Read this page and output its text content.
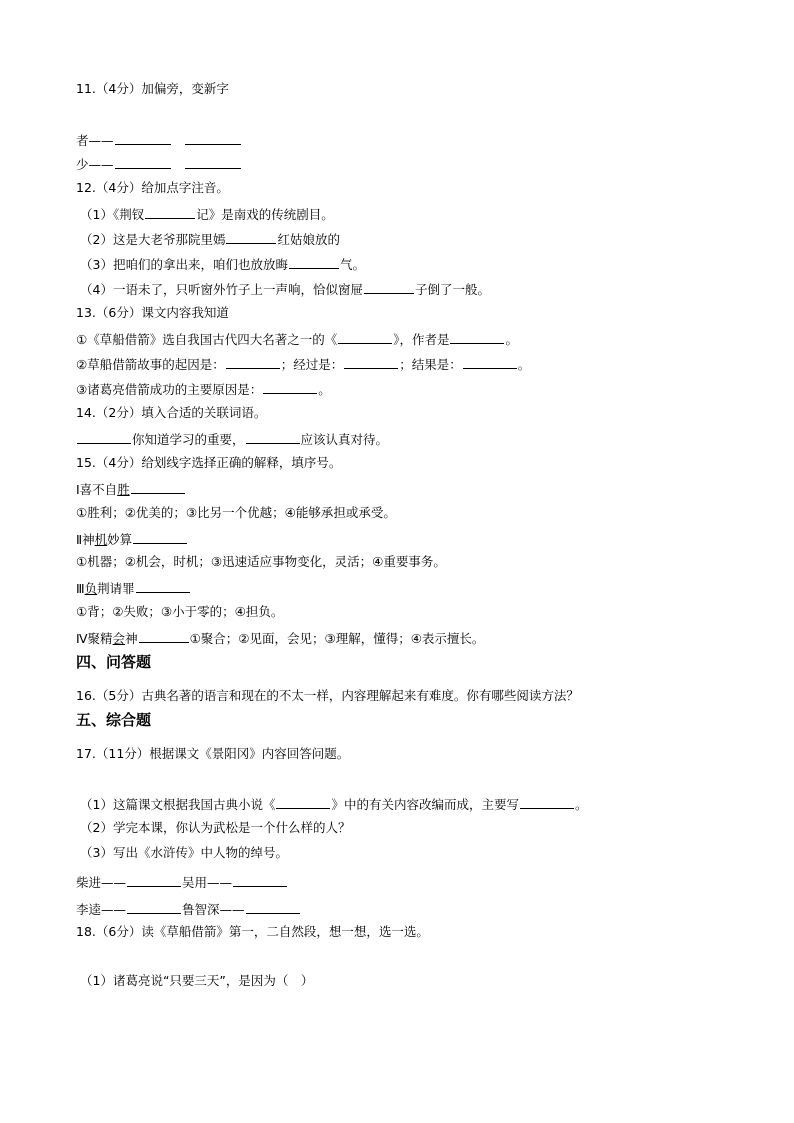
11.（4分）加偏旁，变新字
者——
少——
12.（4分）给加点字注音。
（1）《荆钗	记》是南戏的传统剧目。
（2）这是大老爷那院里嫣	红姑娘放的
（3）把咱们的拿出来，咱们也放放晦	气。
（4）一语未了，只听窗外竹子上一声响，恰似窗屉	子倒了一般。
13.（6分）课文内容我知道
①《草船借箭》选自我国古代四大名著之一的《	》，作者是	。
②草船借箭故事的起因是：	；经过是：	；结果是：	。
③诸葛亮借箭成功的主要原因是：	。
14.（2分）填入合适的关联词语。
你知道学习的重要，	应该认真对待。
15.（4分）给划线字选择正确的解释，填序号。
Ⅰ喜不自胜
①胜利；②优美的；③比另一个优越；④能够承担或承受。
Ⅱ神机妙算
①机器；②机会，时机；③迅速适应事物变化，灵活；④重要事务。
Ⅲ负荆请罪
①背；②失败；③小于零的；④担负。
Ⅳ聚精会神	①聚合；②见面，会见；③理解，懂得；④表示擅长。
四、问答题
16.（5分）古典名著的语言和现在的不太一样，内容理解起来有难度。你有哪些阅读方法？
五、综合题
17.（11分）根据课文《景阳冈》内容回答问题。
（1）这篇课文根据我国古典小说《	》中的有关内容改编而成，主要写	。
（2）学完本课，你认为武松是一个什么样的人？
（3）写出《水浒传》中人物的绰号。
柴进——	吴用——
李逵——	鲁智深——
18.（6分）读《草船借箭》第一，二自然段，想一想，选一选。
（1）诸葛亮说“只要三天”，是因为（　）
